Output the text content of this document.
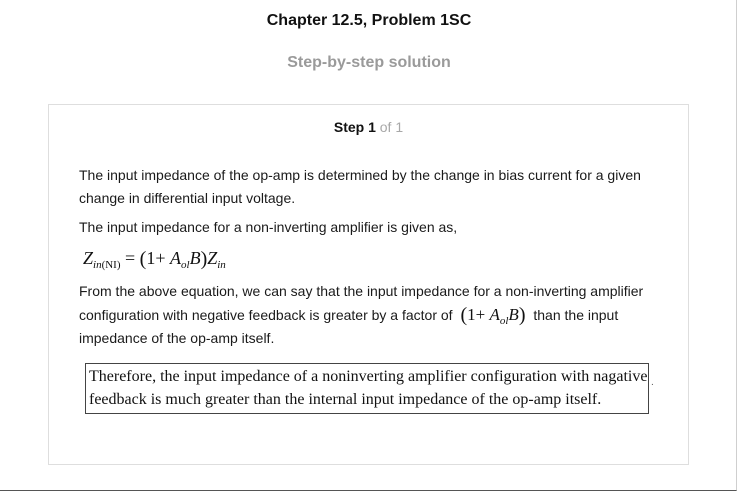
Chapter 12.5, Problem 1SC
Step-by-step solution
Step 1 of 1

The input impedance of the op-amp is determined by the change in bias current for a given change in differential input voltage.

The input impedance for a non-inverting amplifier is given as,

$Z_{in(NI)} = (1+ A_{ol}B)Z_{in}$

From the above equation, we can say that the input impedance for a non-inverting amplifier configuration with negative feedback is greater by a factor of $(1+ A_{ol}B)$ than the input impedance of the op-amp itself.

Therefore, the input impedance of a noninverting amplifier configuration with nagative feedback is much greater than the internal input impedance of the op-amp itself.
.
